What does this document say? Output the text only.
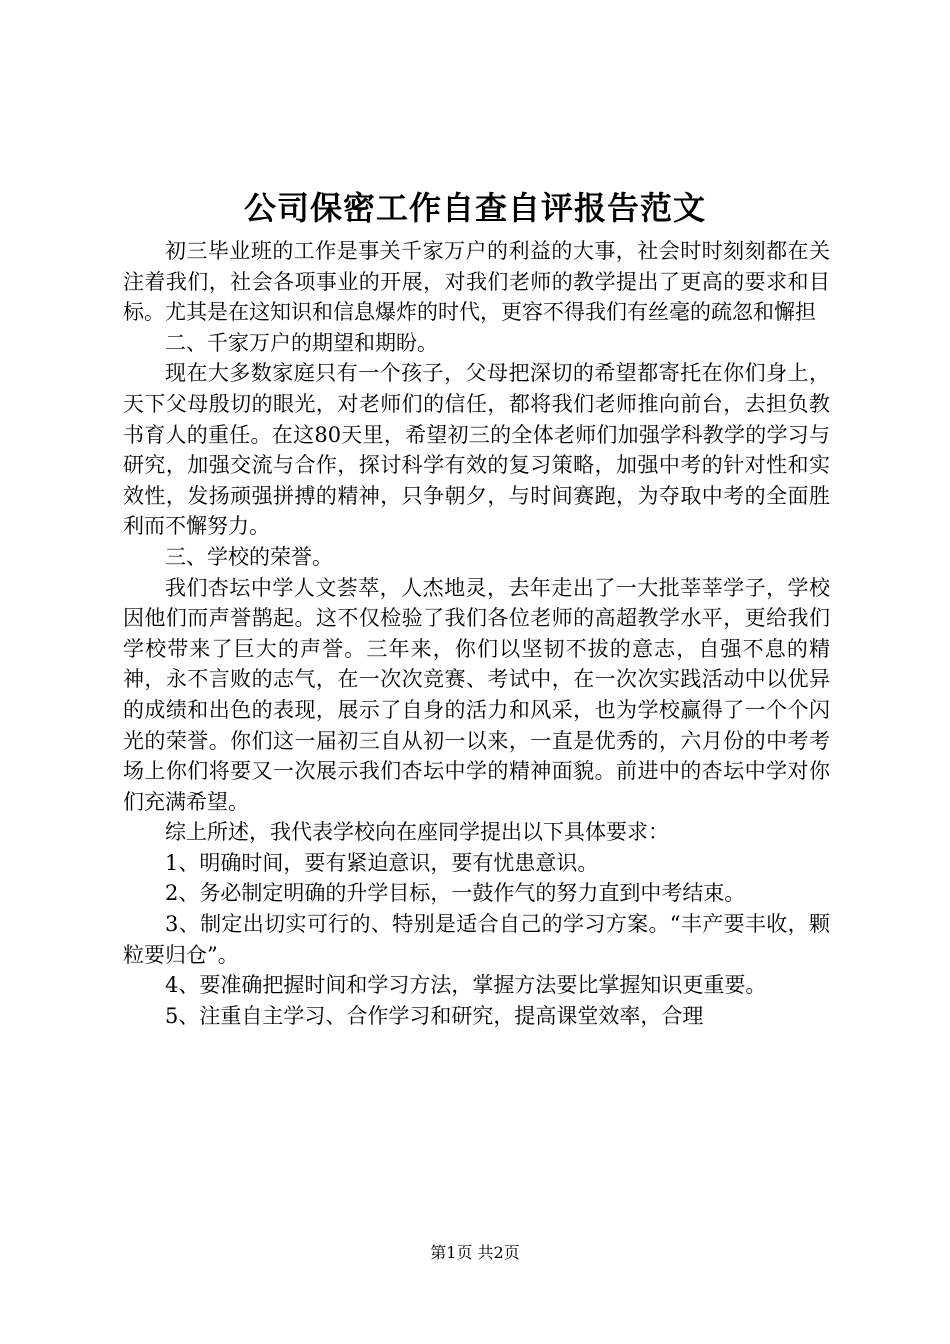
公司保密工作自查自评报告范文

初三毕业班的工作是事关千家万户的利益的大事，社会时时刻刻都在关注着我们，社会各项事业的开展，对我们老师的教学提出了更高的要求和目标。尤其是在这知识和信息爆炸的时代，更容不得我们有丝毫的疏忽和懈担

二、千家万户的期望和期盼。

现在大多数家庭只有一个孩子，父母把深切的希望都寄托在你们身上，天下父母殷切的眼光，对老师们的信任，都将我们老师推向前台，去担负教书育人的重任。在这80天里，希望初三的全体老师们加强学科教学的学习与研究，加强交流与合作，探讨科学有效的复习策略，加强中考的针对性和实效性，发扬顽强拼搏的精神，只争朝夕，与时间赛跑，为夺取中考的全面胜利而不懈努力。

三、学校的荣誉。

我们杏坛中学人文荟萃，人杰地灵，去年走出了一大批莘莘学子，学校因他们而声誉鹊起。这不仅检验了我们各位老师的高超教学水平，更给我们学校带来了巨大的声誉。三年来，你们以坚韧不拔的意志，自强不息的精神，永不言败的志气，在一次次竞赛、考试中，在一次次实践活动中以优异的成绩和出色的表现，展示了自身的活力和风采，也为学校赢得了一个个闪光的荣誉。你们这一届初三自从初一以来，一直是优秀的，六月份的中考考场上你们将要又一次展示我们杏坛中学的精神面貌。前进中的杏坛中学对你们充满希望。

综上所述，我代表学校向在座同学提出以下具体要求：

1、明确时间，要有紧迫意识，要有忧患意识。

2、务必制定明确的升学目标，一鼓作气的努力直到中考结束。

3、制定出切实可行的、特别是适合自己的学习方案。“丰产要丰收，颗粒要归仓”。

4、要准确把握时间和学习方法，掌握方法要比掌握知识更重要。

5、注重自主学习、合作学习和研究，提高课堂效率，合理

第1页 共2页
